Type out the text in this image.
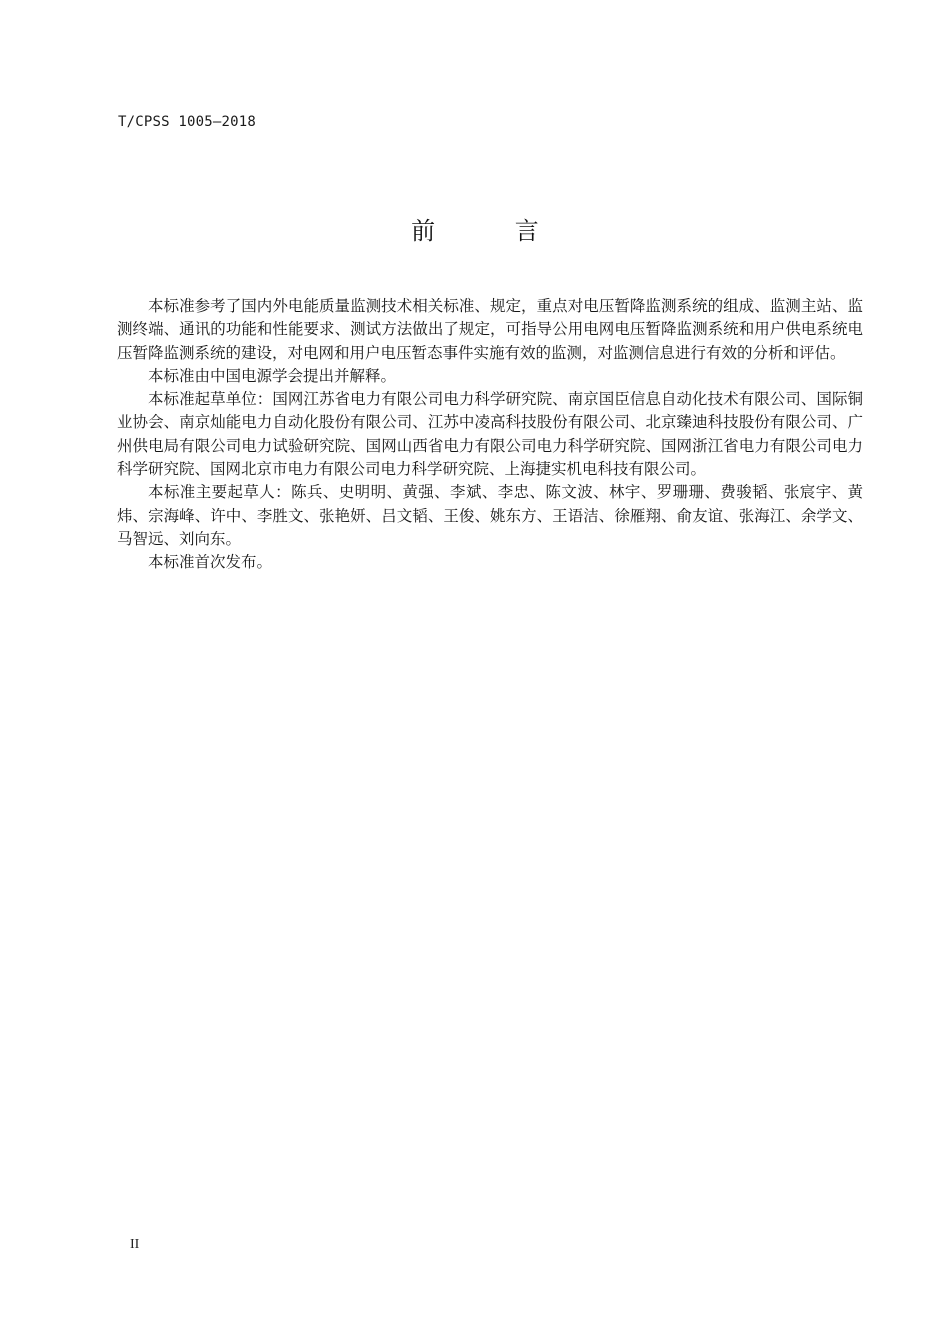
T/CPSS 1005—2018
前 言

本标准参考了国内外电能质量监测技术相关标准、规定，重点对电压暂降监测系统的组成、监测主站、监测终端、通讯的功能和性能要求、测试方法做出了规定，可指导公用电网电压暂降监测系统和用户供电系统电压暂降监测系统的建设，对电网和用户电压暂态事件实施有效的监测，对监测信息进行有效的分析和评估。

本标准由中国电源学会提出并解释。

本标准起草单位：国网江苏省电力有限公司电力科学研究院、南京国臣信息自动化技术有限公司、国际铜业协会、南京灿能电力自动化股份有限公司、江苏中凌高科技股份有限公司、北京臻迪科技股份有限公司、广州供电局有限公司电力试验研究院、国网山西省电力有限公司电力科学研究院、国网浙江省电力有限公司电力科学研究院、国网北京市电力有限公司电力科学研究院、上海捷实机电科技有限公司。

本标准主要起草人：陈兵、史明明、黄强、李斌、李忠、陈文波、林宇、罗珊珊、费骏韬、张宸宇、黄炜、宗海峰、许中、李胜文、张艳妍、吕文韬、王俊、姚东方、王语洁、徐雁翔、俞友谊、张海江、余学文、马智远、刘向东。

本标准首次发布。

II
